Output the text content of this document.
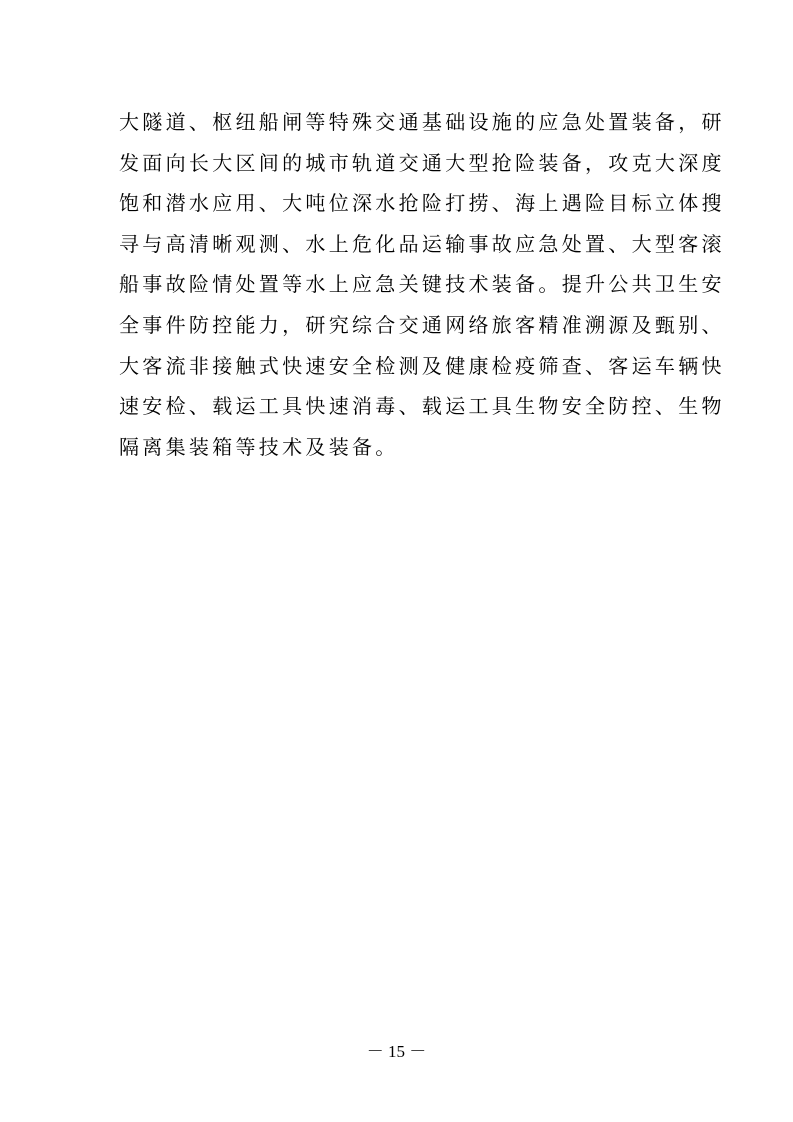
大隧道、枢纽船闸等特殊交通基础设施的应急处置装备，研
发面向长大区间的城市轨道交通大型抢险装备，攻克大深度
饱和潜水应用、大吨位深水抢险打捞、海上遇险目标立体搜
寻与高清晰观测、水上危化品运输事故应急处置、大型客滚
船事故险情处置等水上应急关键技术装备。提升公共卫生安
全事件防控能力，研究综合交通网络旅客精准溯源及甄别、
大客流非接触式快速安全检测及健康检疫筛查、客运车辆快
速安检、载运工具快速消毒、载运工具生物安全防控、生物
隔离集装箱等技术及装备。
－ 15 －
